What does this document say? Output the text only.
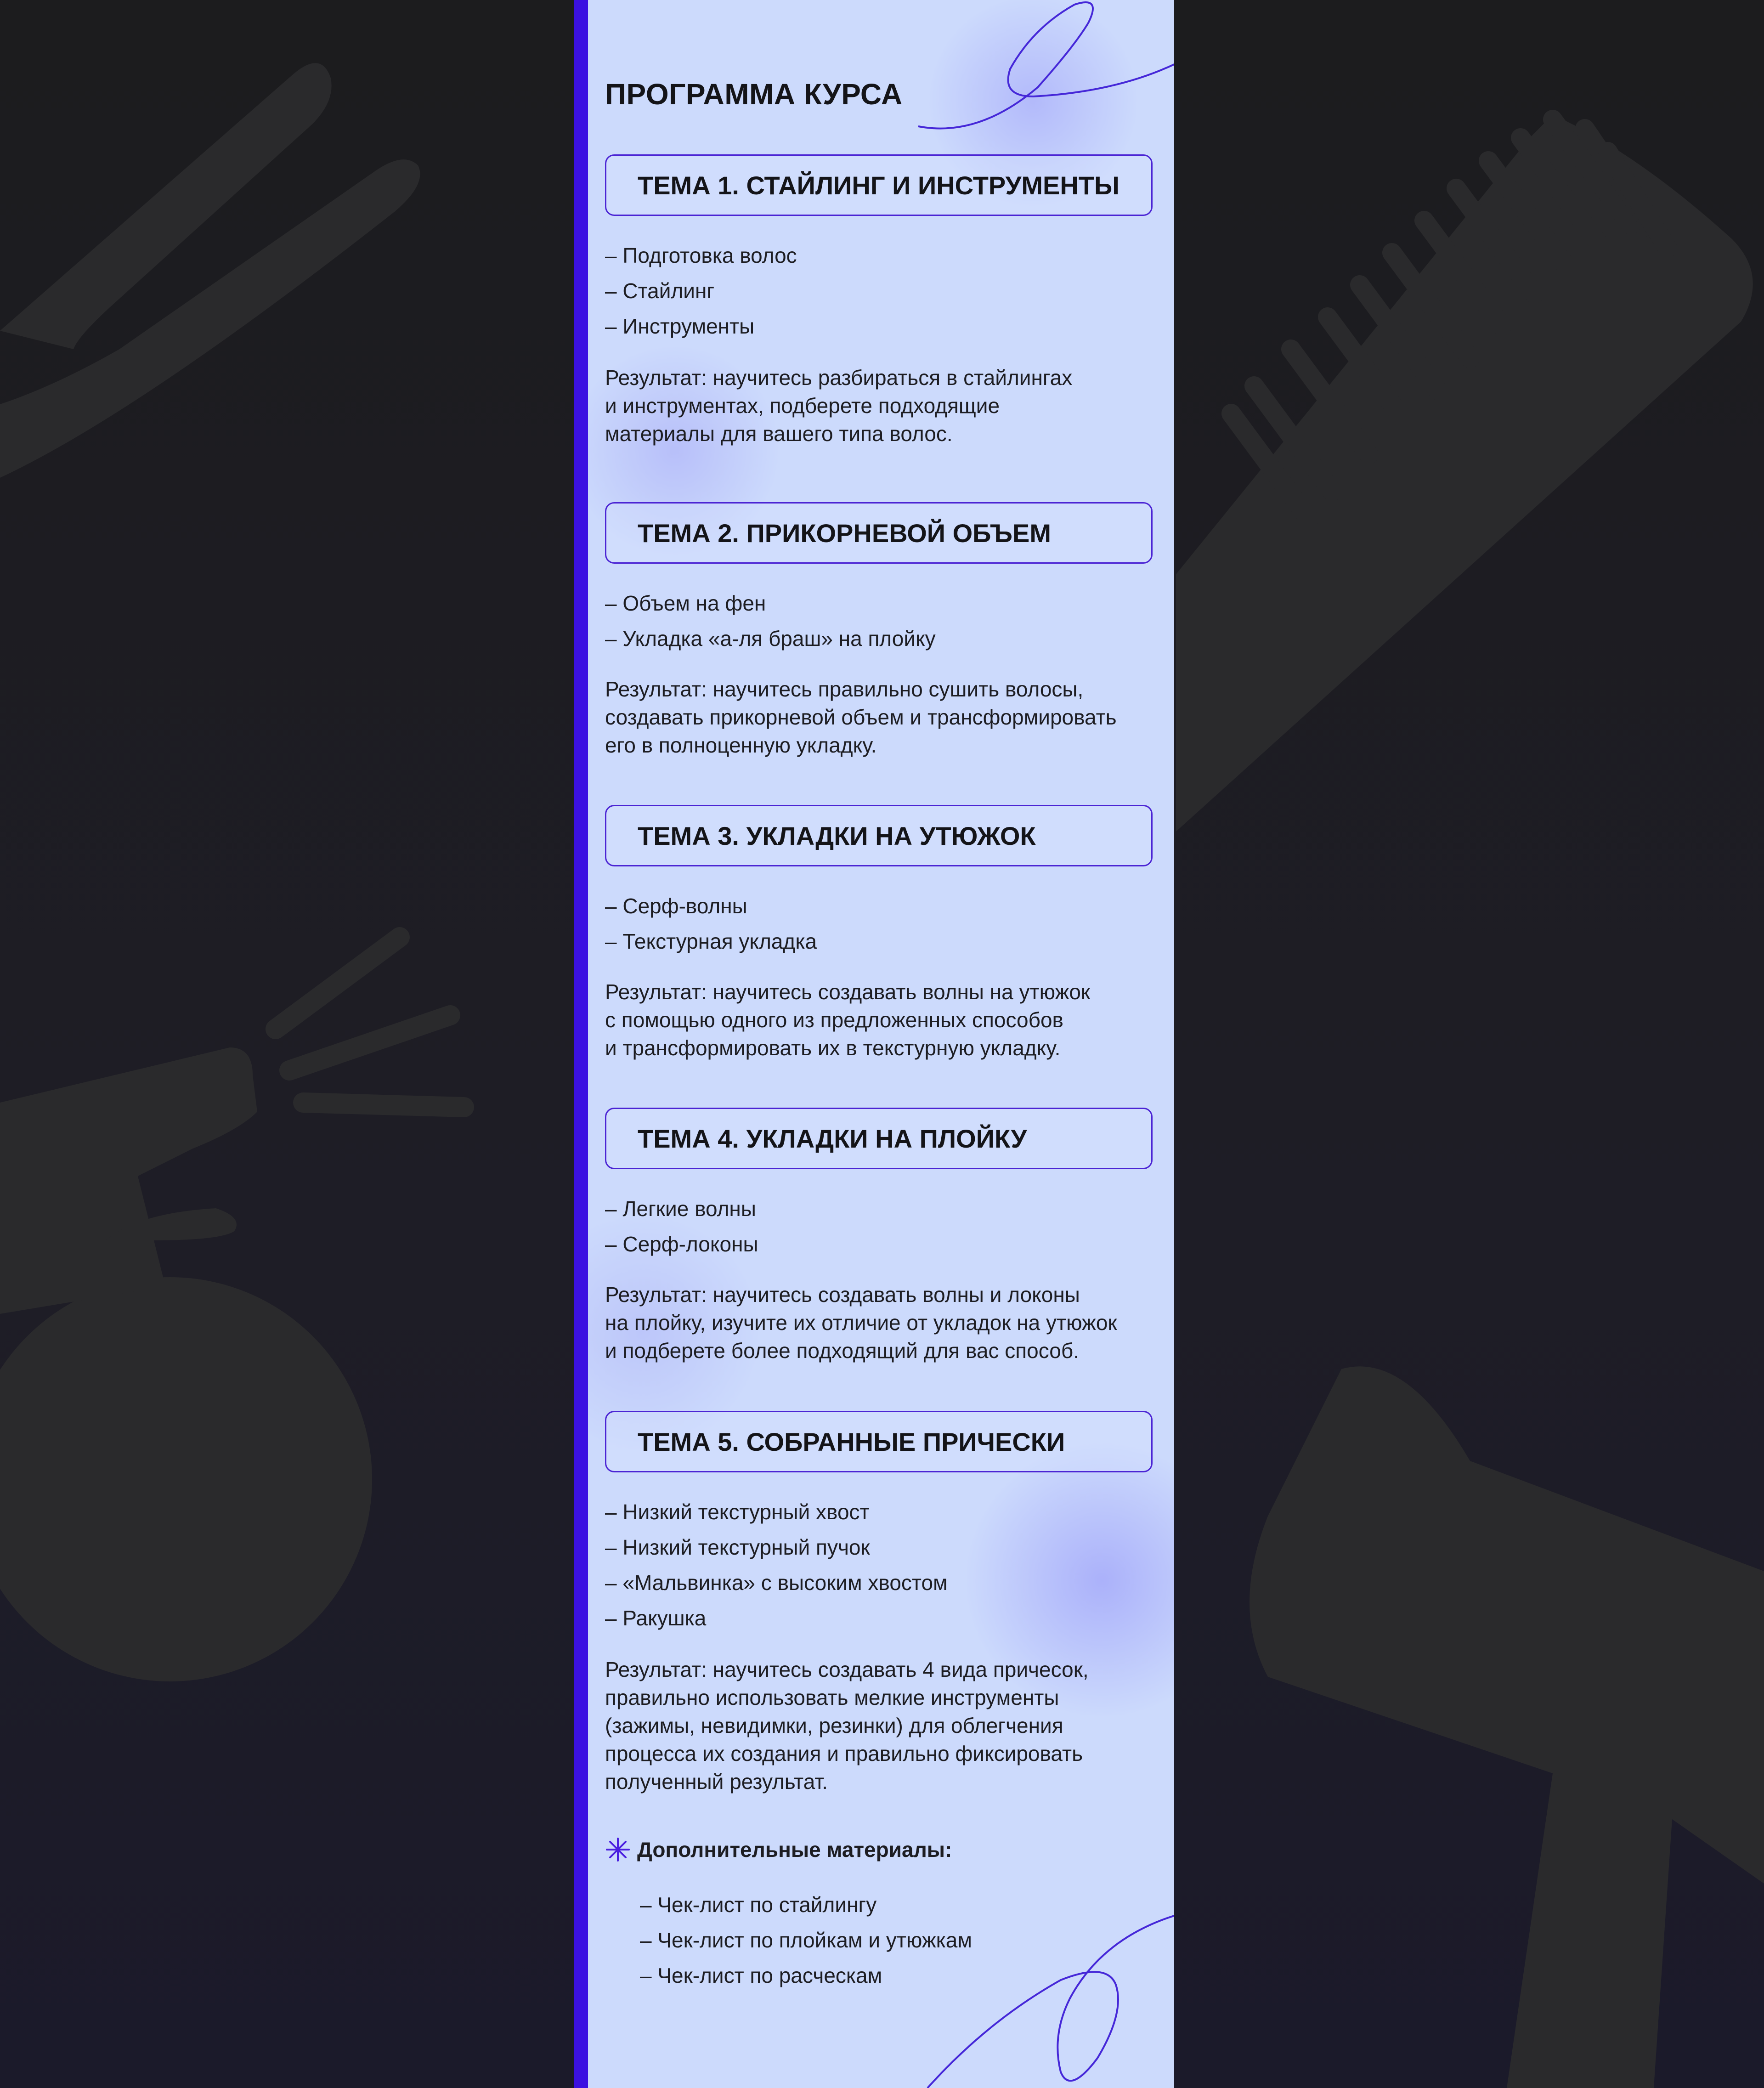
ПРОГРАММА КУРСА
ТЕМА 1. СТАЙЛИНГ И ИНСТРУМЕНТЫ
– Подготовка волос
– Стайлинг
– Инструменты

Результат: научитесь разбираться в стайлингах
и инструментах, подберете подходящие
материалы для вашего типа волос.

ТЕМА 2. ПРИКОРНЕВОЙ ОБЪЕМ
– Объем на фен
– Укладка «а-ля браш» на плойку

Результат: научитесь правильно сушить волосы,
создавать прикорневой объем и трансформировать
его в полноценную укладку.

ТЕМА 3. УКЛАДКИ НА УТЮЖОК
– Серф-волны
– Текстурная укладка

Результат: научитесь создавать волны на утюжок
с помощью одного из предложенных способов
и трансформировать их в текстурную укладку.

ТЕМА 4. УКЛАДКИ НА ПЛОЙКУ
– Легкие волны
– Серф-локоны

Результат: научитесь создавать волны и локоны
на плойку, изучите их отличие от укладок на утюжок
и подберете более подходящий для вас способ.

ТЕМА 5. СОБРАННЫЕ ПРИЧЕСКИ
– Низкий текстурный хвост
– Низкий текстурный пучок
– «Мальвинка» с высоким хвостом
– Ракушка

Результат: научитесь создавать 4 вида причесок,
правильно использовать мелкие инструменты
(зажимы, невидимки, резинки) для облегчения
процесса их создания и правильно фиксировать
полученный результат.

Дополнительные материалы:
– Чек-лист по стайлингу
– Чек-лист по плойкам и утюжкам
– Чек-лист по расческам
